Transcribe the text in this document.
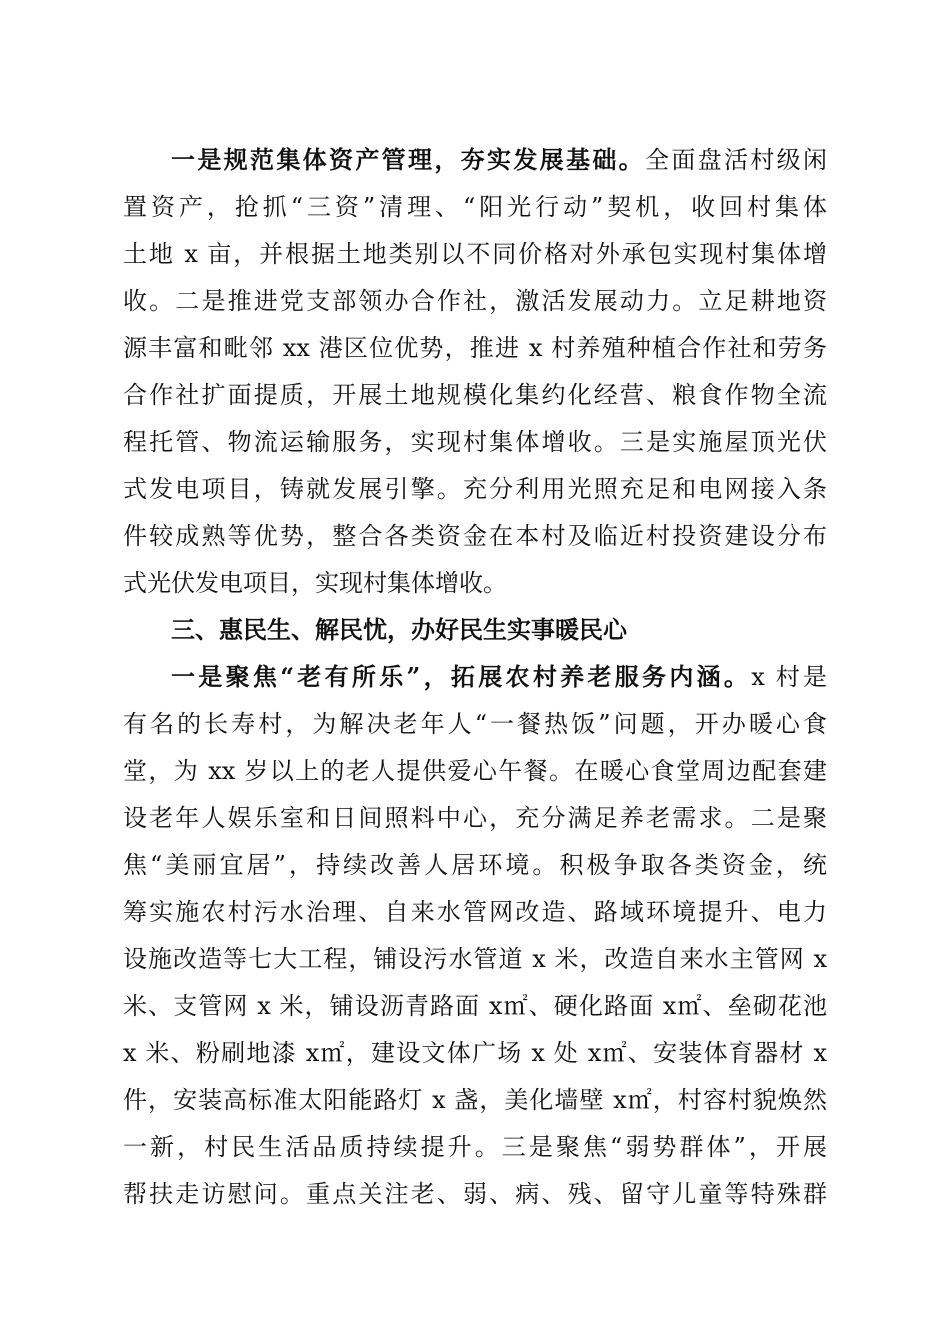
一是规范集体资产管理，夯实发展基础。全面盘活村级闲
置资产，抢抓“三资”清理、“阳光行动”契机，收回村集体
土地 x 亩，并根据土地类别以不同价格对外承包实现村集体增
收。二是推进党支部领办合作社，激活发展动力。立足耕地资
源丰富和毗邻 xx 港区位优势，推进 x 村养殖种植合作社和劳务
合作社扩面提质，开展土地规模化集约化经营、粮食作物全流
程托管、物流运输服务，实现村集体增收。三是实施屋顶光伏
式发电项目，铸就发展引擎。充分利用光照充足和电网接入条
件较成熟等优势，整合各类资金在本村及临近村投资建设分布
式光伏发电项目，实现村集体增收。
三、惠民生、解民忧，办好民生实事暖民心
一是聚焦“老有所乐”，拓展农村养老服务内涵。x 村是
有名的长寿村，为解决老年人“一餐热饭”问题，开办暖心食
堂，为 xx 岁以上的老人提供爱心午餐。在暖心食堂周边配套建
设老年人娱乐室和日间照料中心，充分满足养老需求。二是聚
焦“美丽宜居”，持续改善人居环境。积极争取各类资金，统
筹实施农村污水治理、自来水管网改造、路域环境提升、电力
设施改造等七大工程，铺设污水管道 x 米，改造自来水主管网 x
米、支管网 x 米，铺设沥青路面 x㎡、硬化路面 x㎡、垒砌花池
x 米、粉刷地漆 x㎡，建设文体广场 x 处 x㎡、安装体育器材 x
件，安装高标准太阳能路灯 x 盏，美化墙壁 x㎡，村容村貌焕然
一新，村民生活品质持续提升。三是聚焦“弱势群体”，开展
帮扶走访慰问。重点关注老、弱、病、残、留守儿童等特殊群
